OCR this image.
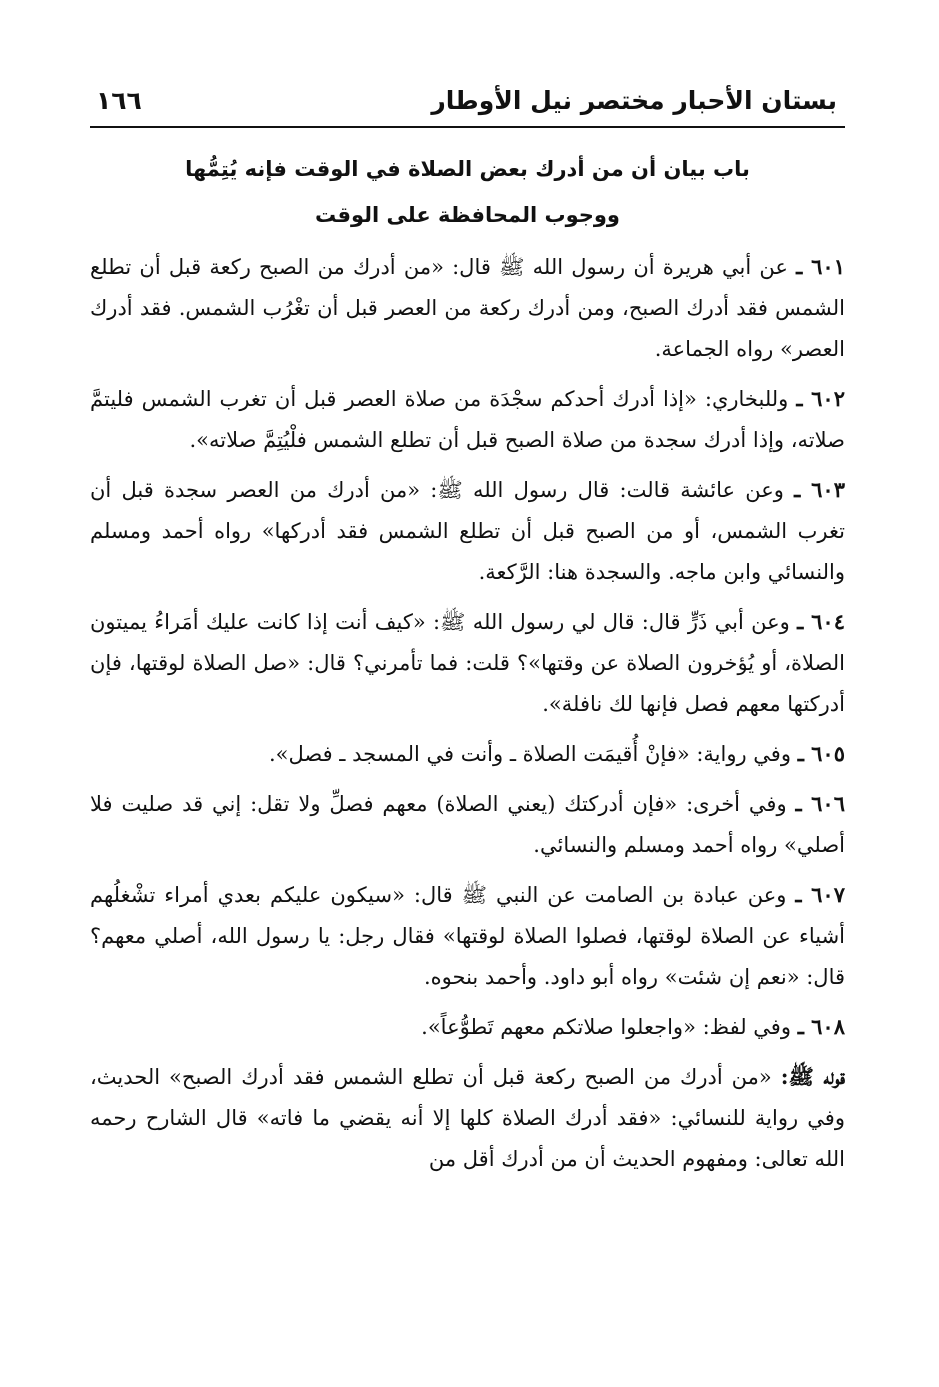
بستان الأحبار مختصر نيل الأوطار
١٦٦
باب بيان أن من أدرك بعض الصلاة في الوقت فإنه يُتِمُّها
ووجوب المحافظة على الوقت

٦٠١ ـ عن أبي هريرة أن رسول الله ﷺ قال: «من أدرك من الصبح ركعة قبل أن تطلع الشمس فقد أدرك الصبح، ومن أدرك ركعة من العصر قبل أن تغْرُب الشمس. فقد أدرك العصر» رواه الجماعة.

٦٠٢ ـ وللبخاري: «إذا أدرك أحدكم سجْدَة من صلاة العصر قبل أن تغرب الشمس فليتمَّ صلاته، وإذا أدرك سجدة من صلاة الصبح قبل أن تطلع الشمس فلْيُتِمَّ صلاته».

٦٠٣ ـ وعن عائشة قالت: قال رسول الله ﷺ: «من أدرك من العصر سجدة قبل أن تغرب الشمس، أو من الصبح قبل أن تطلع الشمس فقد أدركها» رواه أحمد ومسلم والنسائي وابن ماجه. والسجدة هنا: الرَّكعة.

٦٠٤ ـ وعن أبي ذَرٍّ قال: قال لي رسول الله ﷺ: «كيف أنت إذا كانت عليك أمَراءُ يميتون الصلاة، أو يُؤخرون الصلاة عن وقتها»؟ قلت: فما تأمرني؟ قال: «صل الصلاة لوقتها، فإن أدركتها معهم فصل فإنها لك نافلة».

٦٠٥ ـ وفي رواية: «فإنْ أُقيمَت الصلاة ـ وأنت في المسجد ـ فصل».

٦٠٦ ـ وفي أخرى: «فإن أدركتك (يعني الصلاة) معهم فصلِّ ولا تقل: إني قد صليت فلا أصلي» رواه أحمد ومسلم والنسائي.

٦٠٧ ـ وعن عبادة بن الصامت عن النبي ﷺ قال: «سيكون عليكم بعدي أمراء تشْغلُهم أشياء عن الصلاة لوقتها، فصلوا الصلاة لوقتها» فقال رجل: يا رسول الله، أصلي معهم؟ قال: «نعم إن شئت» رواه أبو داود. وأحمد بنحوه.

٦٠٨ ـ وفي لفظ: «واجعلوا صلاتكم معهم تَطوُّعاً».

قوله ﷺ: «من أدرك من الصبح ركعة قبل أن تطلع الشمس فقد أدرك الصبح» الحديث، وفي رواية للنسائي: «فقد أدرك الصلاة كلها إلا أنه يقضي ما فاته» قال الشارح رحمه الله تعالى: ومفهوم الحديث أن من أدرك أقل من
